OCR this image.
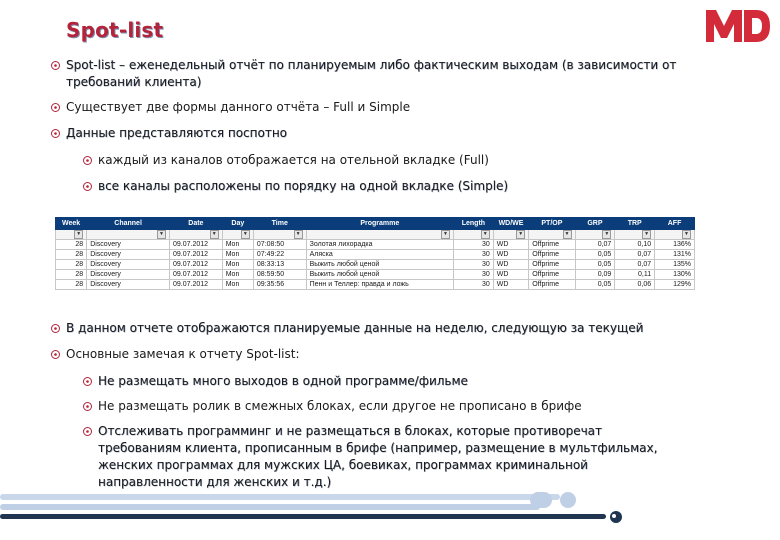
Spot-list
Spot-list – еженедельный отчёт по планируемым либо фактическим выходам (в зависимости от требований клиента)
Существует две формы данного отчёта – Full и Simple
Данные представляются поспотно
каждый из каналов отображается на отельной вкладке (Full)
все каналы расположены по порядку на одной вкладке (Simple)
Week	Channel	Date	Day	Time	Programme	Length	WD/WE	PT/OP	GRP	TRP	AFF
▼	▼	▼	▼	▼	▼	▼	▼	▼	▼	▼	▼
28	Discovery	09.07.2012	Mon	07:08:50	Золотая лихорадка	30	WD	Offprime	0,07	0,10	136%
28	Discovery	09.07.2012	Mon	07:49:22	Аляска	30	WD	Offprime	0,05	0,07	131%
28	Discovery	09.07.2012	Mon	08:33:13	Выжить любой ценой	30	WD	Offprime	0,05	0,07	135%
28	Discovery	09.07.2012	Mon	08:59:50	Выжить любой ценой	30	WD	Offprime	0,09	0,11	130%
28	Discovery	09.07.2012	Mon	09:35:56	Пенн и Теллер: правда и ложь	30	WD	Offprime	0,05	0,06	129%
В данном отчете отображаются планируемые данные на неделю, следующую за текущей
Основные замечая к отчету Spot-list:
Не размещать много выходов в одной программе/фильме
Не размещать ролик в смежных блоках, если другое не прописано в брифе
Отслеживать программинг и не размещаться в блоках, которые противоречат требованиям клиента, прописанным в брифе (например, размещение в мультфильмах, женских программах для мужских ЦА, боевиках, программах криминальной направленности для женских и т.д.)
